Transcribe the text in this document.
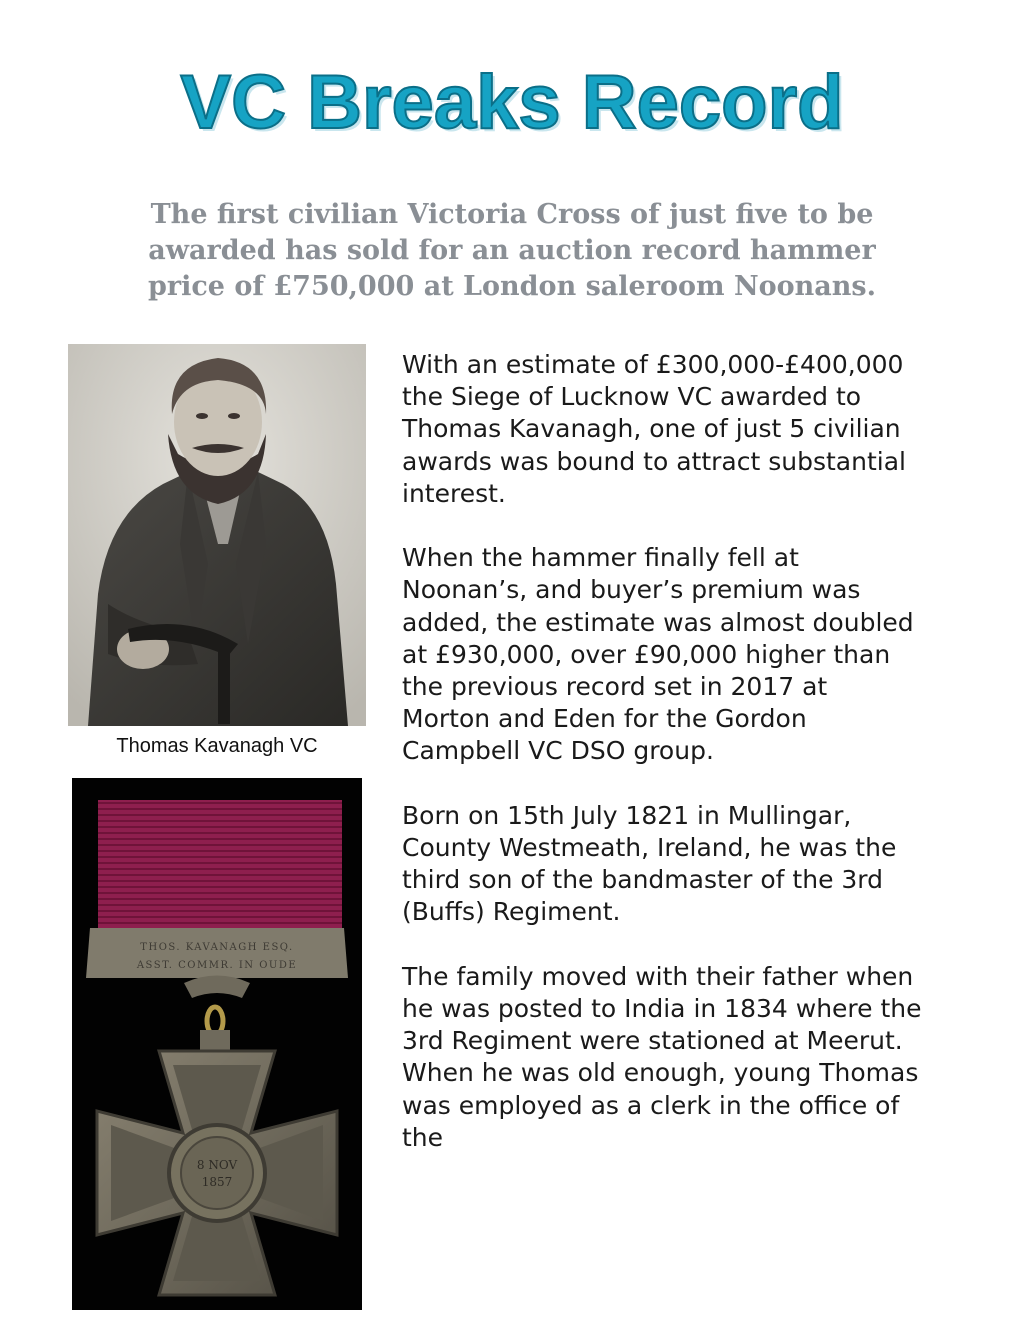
VC Breaks Record

The first civilian Victoria Cross of just five to be awarded has sold for an auction record hammer price of £750,000 at London saleroom Noonans.

Thomas Kavanagh VC
THOS. KAVANAGH ESQ.
ASST. COMMR. IN OUDE
8 NOV
1857

With an estimate of £300,000-£400,000 the Siege of Lucknow VC awarded to Thomas Kavanagh, one of just 5 civilian awards was bound to attract substantial interest.

When the hammer finally fell at Noonan’s, and buyer’s premium was added, the estimate was almost doubled at £930,000, over £90,000 higher than the previous record set in 2017 at Morton and Eden for the Gordon Campbell VC DSO group.

Born on 15th July 1821 in Mullingar, County Westmeath, Ireland, he was the third son of the bandmaster of the 3rd (Buffs) Regiment.

The family moved with their father when he was posted to India in 1834 where the 3rd Regiment were stationed at Meerut. When he was old enough, young Thomas was employed as a clerk in the office of the
